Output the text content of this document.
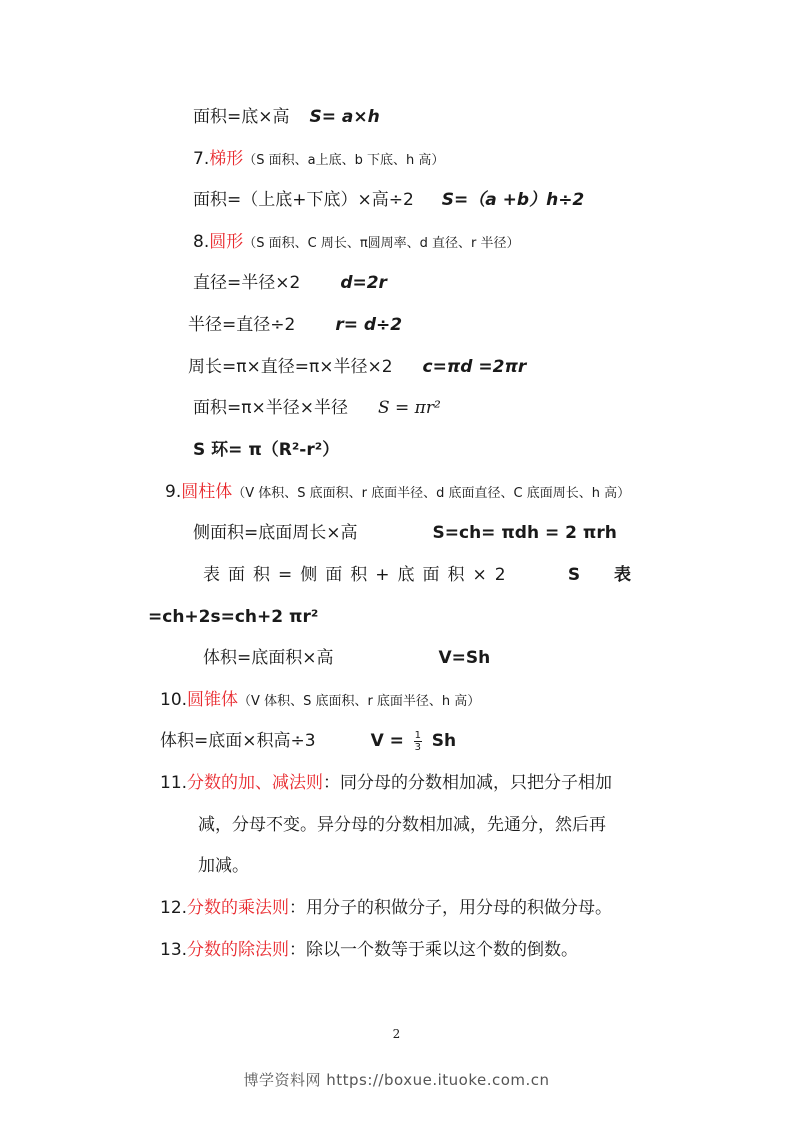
面积=底×高 S= a×h
7.梯形（S 面积、a上底、b 下底、h 高）
面积=（上底+下底）×高÷2 S=（a +b）h÷2
8.圆形（S 面积、C 周长、π圆周率、d 直径、r 半径）
直径=半径×2 d=2r
半径=直径÷2 r= d÷2
周长=π×直径=π×半径×2 c=πd =2πr
面积=π×半径×半径 S = πr²
S 环= π（R²-r²）
9.圆柱体（V 体积、S 底面积、r 底面半径、d 底面直径、C 底面周长、h 高）
侧面积=底面周长×高	S=ch= πdh = 2 πrh
表面积=侧面积+底面积×2	S 表
=ch+2s=ch+2 πr²
体积=底面积×高	V=Sh
10.圆锥体（V 体积、S 底面积、r 底面半径、h 高）
体积=底面×积高÷3	$V = \frac{1}{3}$ Sh
11.分数的加、减法则：同分母的分数相加减，只把分子相加
减，分母不变。异分母的分数相加减，先通分，然后再
加减。
12.分数的乘法则：用分子的积做分子，用分母的积做分母。
13.分数的除法则：除以一个数等于乘以这个数的倒数。
2
博学资料网 https://boxue.ituoke.com.cn
